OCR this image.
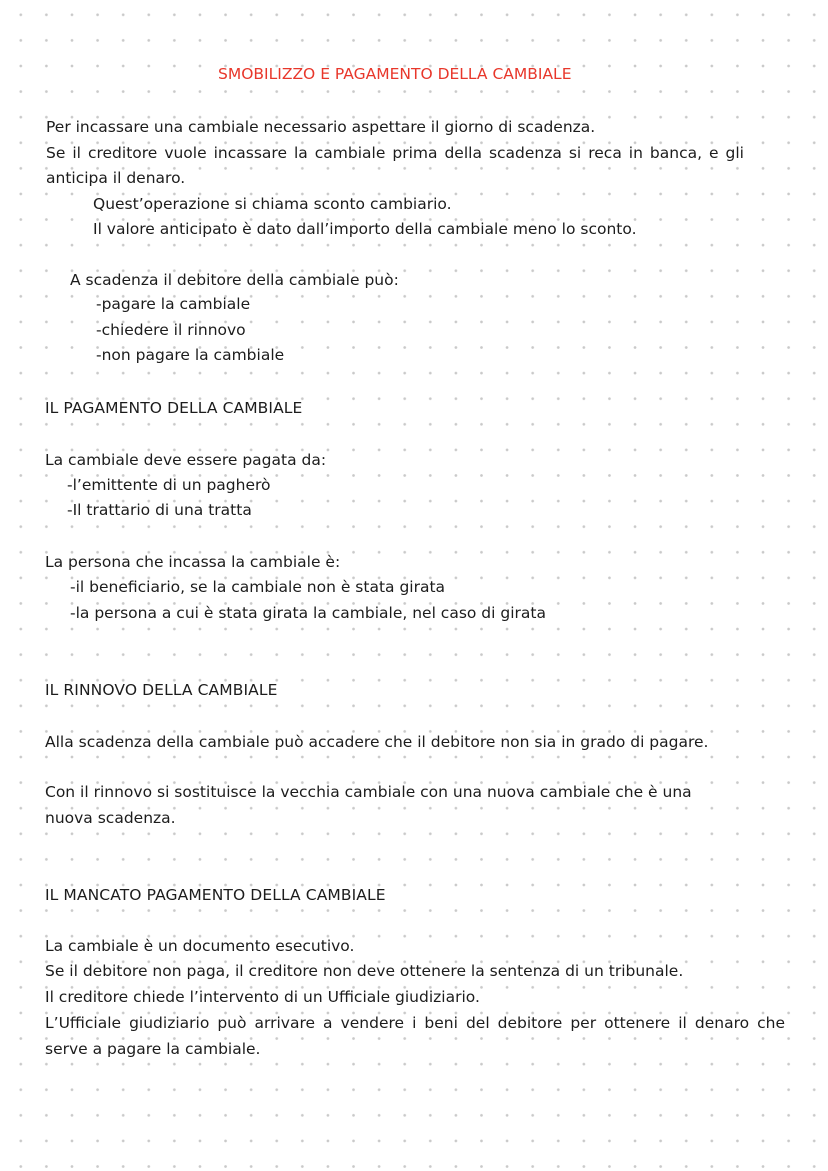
SMOBILIZZO E PAGAMENTO DELLA CAMBIALE
Per incassare una cambiale necessario aspettare il giorno di scadenza.
Se il creditore vuole incassare la cambiale prima della scadenza si reca in banca, e gli
anticipa il denaro.
Quest’operazione si chiama sconto cambiario.
Il valore anticipato è dato dall’importo della cambiale meno lo sconto.
A scadenza il debitore della cambiale può:
-pagare la cambiale
-chiedere il rinnovo
-non pagare la cambiale
IL PAGAMENTO DELLA CAMBIALE
La cambiale deve essere pagata da:
-l’emittente di un pagherò
-Il trattario di una tratta
La persona che incassa la cambiale è:
-il beneficiario, se la cambiale non è stata girata
-la persona a cui è stata girata la cambiale, nel caso di girata
IL RINNOVO DELLA CAMBIALE
Alla scadenza della cambiale può accadere che il debitore non sia in grado di pagare.
Con il rinnovo si sostituisce la vecchia cambiale con una nuova cambiale che è una
nuova scadenza.
IL MANCATO PAGAMENTO DELLA CAMBIALE
La cambiale è un documento esecutivo.
Se il debitore non paga, il creditore non deve ottenere la sentenza di un tribunale.
Il creditore chiede l’intervento di un Ufficiale giudiziario.
L’Ufficiale giudiziario può arrivare a vendere i beni del debitore per ottenere il denaro che
serve a pagare la cambiale.
